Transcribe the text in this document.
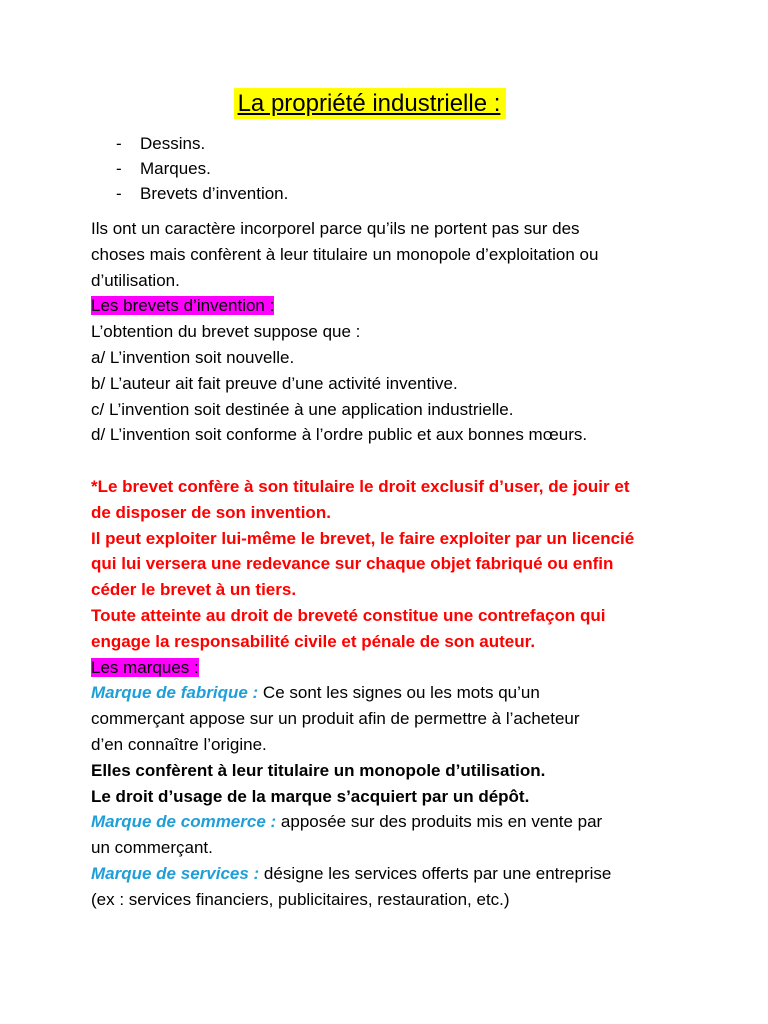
La propriété industrielle :
- Dessins.
- Marques.
- Brevets d’invention.
Ils ont un caractère incorporel parce qu’ils ne portent pas sur des
choses mais confèrent à leur titulaire un monopole d’exploitation ou
d’utilisation.
Les brevets d’invention :
L’obtention du brevet suppose que :
a/ L’invention soit nouvelle.
b/ L’auteur ait fait preuve d’une activité inventive.
c/ L’invention soit destinée à une application industrielle.
d/ L’invention soit conforme à l’ordre public et aux bonnes mœurs.
*Le brevet confère à son titulaire le droit exclusif d’user, de jouir et
de disposer de son invention.
Il peut exploiter lui-même le brevet, le faire exploiter par un licencié
qui lui versera une redevance sur chaque objet fabriqué ou enfin
céder le brevet à un tiers.
Toute atteinte au droit de breveté constitue une contrefaçon qui
engage la responsabilité civile et pénale de son auteur.
Les marques :
Marque de fabrique : Ce sont les signes ou les mots qu’un
commerçant appose sur un produit afin de permettre à l’acheteur
d’en connaître l’origine.
Elles confèrent à leur titulaire un monopole d’utilisation.
Le droit d’usage de la marque s’acquiert par un dépôt.
Marque de commerce : apposée sur des produits mis en vente par
un commerçant.
Marque de services : désigne les services offerts par une entreprise
(ex : services financiers, publicitaires, restauration, etc.)
